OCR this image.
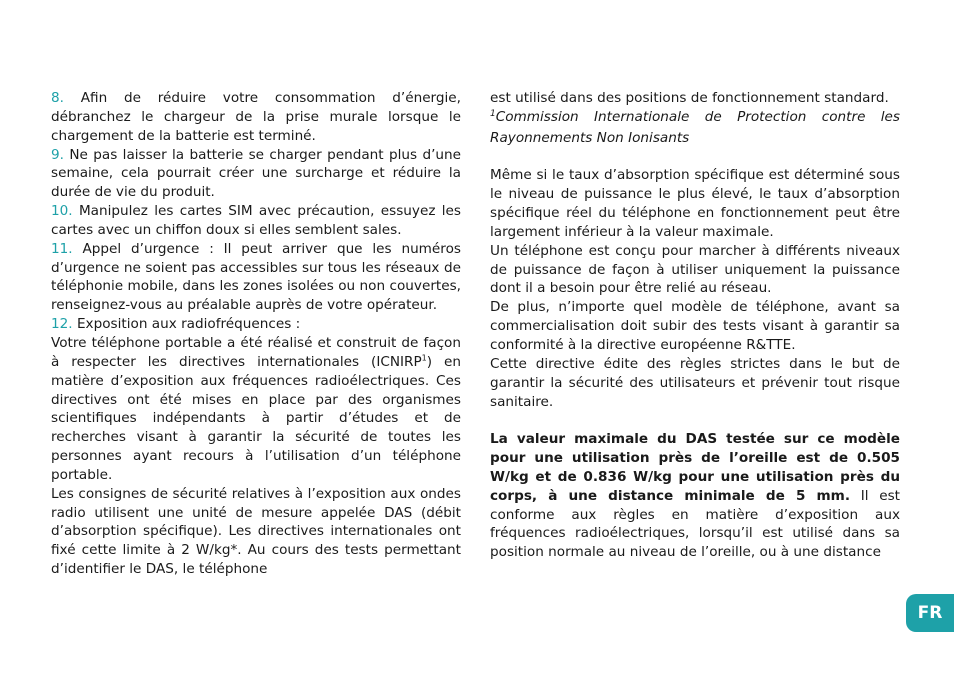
8. Afin de réduire votre consommation d’énergie, débranchez le chargeur de la prise murale lorsque le chargement de la batterie est terminé.

9. Ne pas laisser la batterie se charger pendant plus d’une semaine, cela pourrait créer une surcharge et réduire la durée de vie du produit.

10. Manipulez les cartes SIM avec précaution, essuyez les cartes avec un chiffon doux si elles semblent sales.

11. Appel d’urgence : Il peut arriver que les numéros d’urgence ne soient pas accessibles sur tous les réseaux de téléphonie mobile, dans les zones isolées ou non couvertes, renseignez-vous au préalable auprès de votre opérateur.

12. Exposition aux radiofréquences :

Votre téléphone portable a été réalisé et construit de façon à respecter les directives internationales (ICNIRP$^1$) en matière d’exposition aux fréquences radioélectriques. Ces directives ont été mises en place par des organismes scientifiques indépendants à partir d’études et de recherches visant à garantir la sécurité de toutes les personnes ayant recours à l’utilisation d’un téléphone portable.

Les consignes de sécurité relatives à l’exposition aux ondes radio utilisent une unité de mesure appelée DAS (débit d’absorption spécifique). Les directives internationales ont fixé cette limite à 2 W/kg*. Au cours des tests permettant d’identifier le DAS, le téléphone

est utilisé dans des positions de fonctionnement standard.

$^1$Commission Internationale de Protection contre les Rayonnements Non Ionisants

Même si le taux d’absorption spécifique est déterminé sous le niveau de puissance le plus élevé, le taux d’absorption spécifique réel du téléphone en fonctionnement peut être largement inférieur à la valeur maximale.

Un téléphone est conçu pour marcher à différents niveaux de puissance de façon à utiliser uniquement la puissance dont il a besoin pour être relié au réseau.

De plus, n’importe quel modèle de téléphone, avant sa commercialisation doit subir des tests visant à garantir sa conformité à la directive européenne R&TTE.

Cette directive édite des règles strictes dans le but de garantir la sécurité des utilisateurs et prévenir tout risque sanitaire.

La valeur maximale du DAS testée sur ce modèle pour une utilisation près de l’oreille est de 0.505 W/kg et de 0.836 W/kg pour une utilisation près du corps, à une distance minimale de 5 mm. Il est conforme aux règles en matière d’exposition aux fréquences radioélectriques, lorsqu’il est utilisé dans sa position normale au niveau de l’oreille, ou à une distance

FR
